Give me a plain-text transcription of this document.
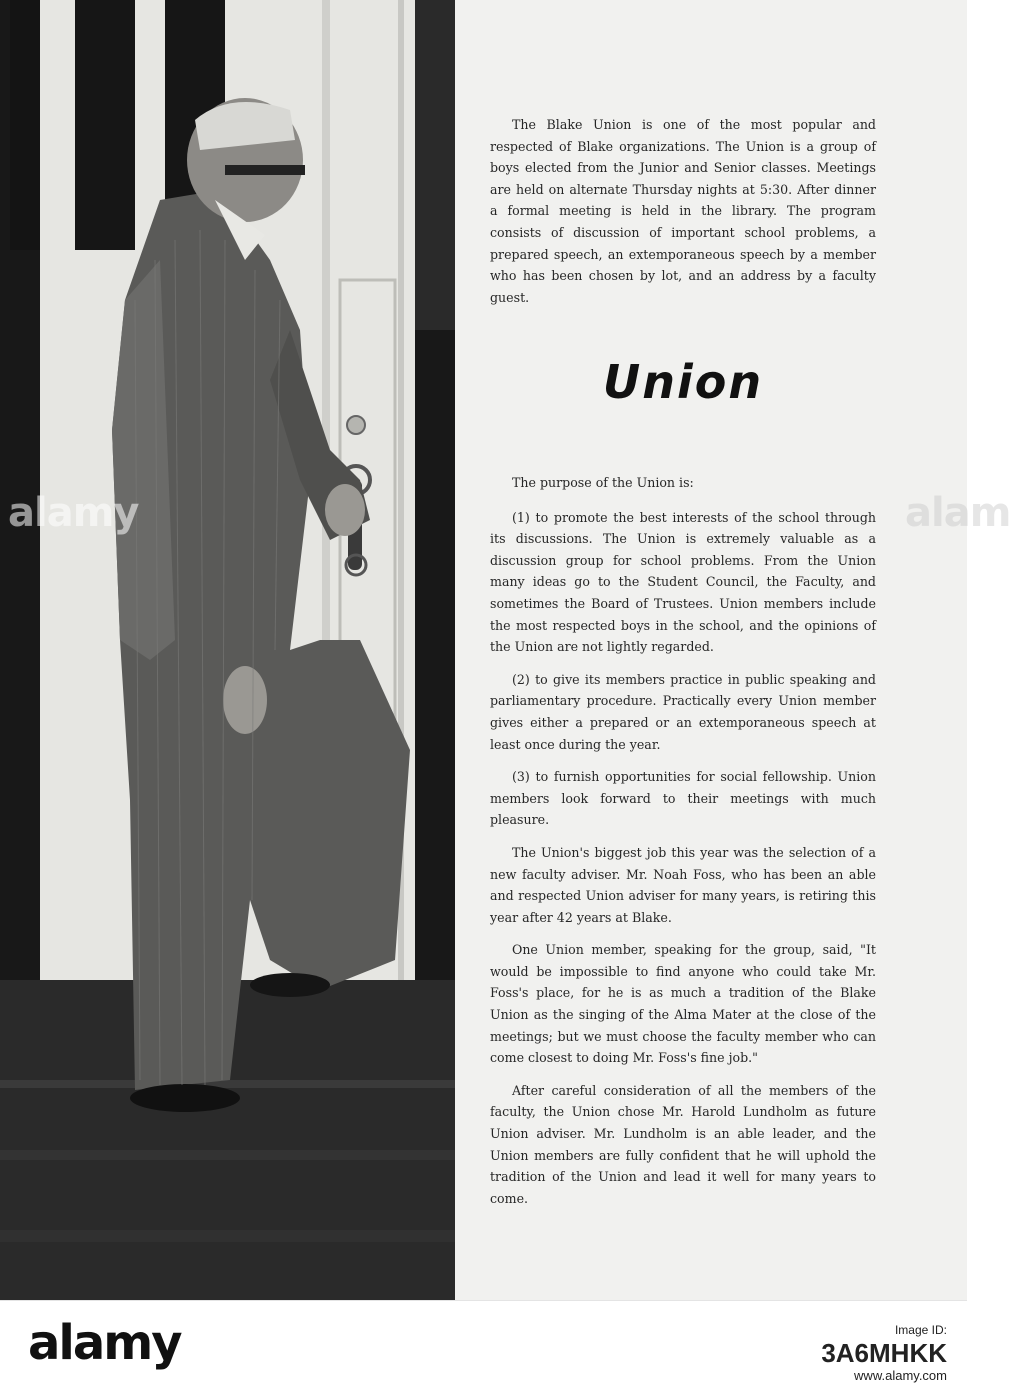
alamy	alam

The Blake Union is one of the most popular and respected of Blake organizations. The Union is a group of boys elected from the Junior and Senior classes. Meetings are held on alternate Thursday nights at 5:30. After dinner a formal meeting is held in the library. The program consists of discussion of important school problems, a prepared speech, an extemporaneous speech by a member who has been chosen by lot, and an address by a faculty guest.

Union

The purpose of the Union is:

(1) to promote the best interests of the school through its discussions. The Union is extremely valuable as a discussion group for school problems. From the Union many ideas go to the Student Council, the Faculty, and sometimes the Board of Trustees. Union members include the most respected boys in the school, and the opinions of the Union are not lightly regarded.

(2) to give its members practice in public speaking and parliamentary procedure. Practically every Union member gives either a prepared or an extemporaneous speech at least once during the year.

(3) to furnish opportunities for social fellowship. Union members look forward to their meetings with much pleasure.

The Union's biggest job this year was the selection of a new faculty adviser. Mr. Noah Foss, who has been an able and respected Union adviser for many years, is retiring this year after 42 years at Blake.

One Union member, speaking for the group, said, "It would be impossible to find anyone who could take Mr. Foss's place, for he is as much a tradition of the Blake Union as the singing of the Alma Mater at the close of the meetings; but we must choose the faculty member who can come closest to doing Mr. Foss's fine job."

After careful consideration of all the members of the faculty, the Union chose Mr. Harold Lundholm as future Union adviser. Mr. Lundholm is an able leader, and the Union members are fully confident that he will uphold the tradition of the Union and lead it well for many years to come.

alamy	Image ID:
3A6MHKK
www.alamy.com
